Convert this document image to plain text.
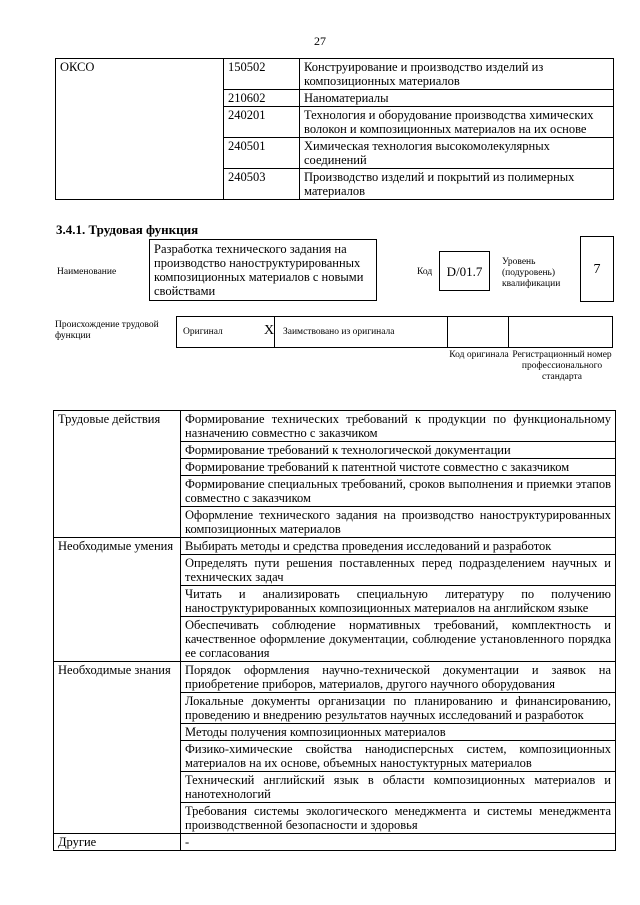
27
ОКСО	150502	Конструирование и производство изделий из композиционных материалов
	210602	Наноматериалы
	240201	Технология и оборудование производства химических волокон и композиционных материалов на их основе
	240501	Химическая технология высокомолекулярных соединений
	240503	Производство изделий и покрытий из полимерных материалов
3.4.1. Трудовая функция
Наименование
Разработка технического задания на производство наноструктурированных композиционных материалов с новыми свойствами
Код	D/01.7
Уровень (подуровень) квалификации
7
Происхождение трудовой функции	Оригинал	X Заимствовано из оригинала
Код оригинала Регистрационный номер профессионального стандарта
Трудовые действия	Формирование технических требований к продукции по функциональному назначению совместно с заказчиком
	Формирование требований к технологической документации
	Формирование требований к патентной чистоте совместно с заказчиком
	Формирование специальных требований, сроков выполнения и приемки этапов совместно с заказчиком
	Оформление технического задания на производство наноструктурированных композиционных материалов
Необходимые умения	Выбирать методы и средства проведения исследований и разработок
	Определять пути решения поставленных перед подразделением научных и технических задач
	Читать и анализировать специальную литературу по получению наноструктурированных композиционных материалов на английском языке
	Обеспечивать соблюдение нормативных требований, комплектность и качественное оформление документации, соблюдение установленного порядка ее согласования
Необходимые знания	Порядок оформления научно-технической документации и заявок на приобретение приборов, материалов, другого научного оборудования
	Локальные документы организации по планированию и финансированию, проведению и внедрению результатов научных исследований и разработок
	Методы получения композиционных материалов
	Физико-химические свойства нанодисперсных систем, композиционных материалов на их основе, объемных наностуктурных материалов
	Технический английский язык в области композиционных материалов и нанотехнологий
	Требования системы экологического менеджмента и системы менеджмента производственной безопасности и здоровья
Другие	-
